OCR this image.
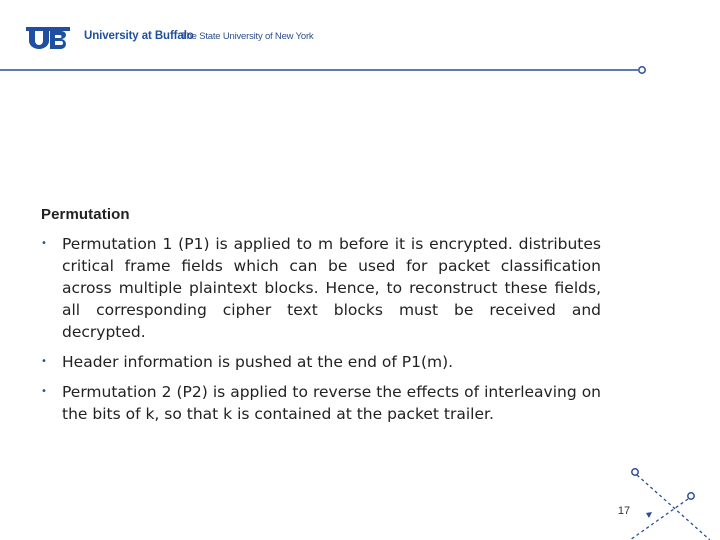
University at Buffalo
The State University of New York
Permutation
• Permutation 1 (P1) is applied to m before it is encrypted. distributes critical frame fields which can be used for packet classification across multiple plaintext blocks. Hence, to reconstruct these fields, all corresponding cipher text blocks must be received and decrypted.
• Header information is pushed at the end of P1(m).
• Permutation 2 (P2) is applied to reverse the effects of interleaving on the bits of k, so that k is contained at the packet trailer.
17
